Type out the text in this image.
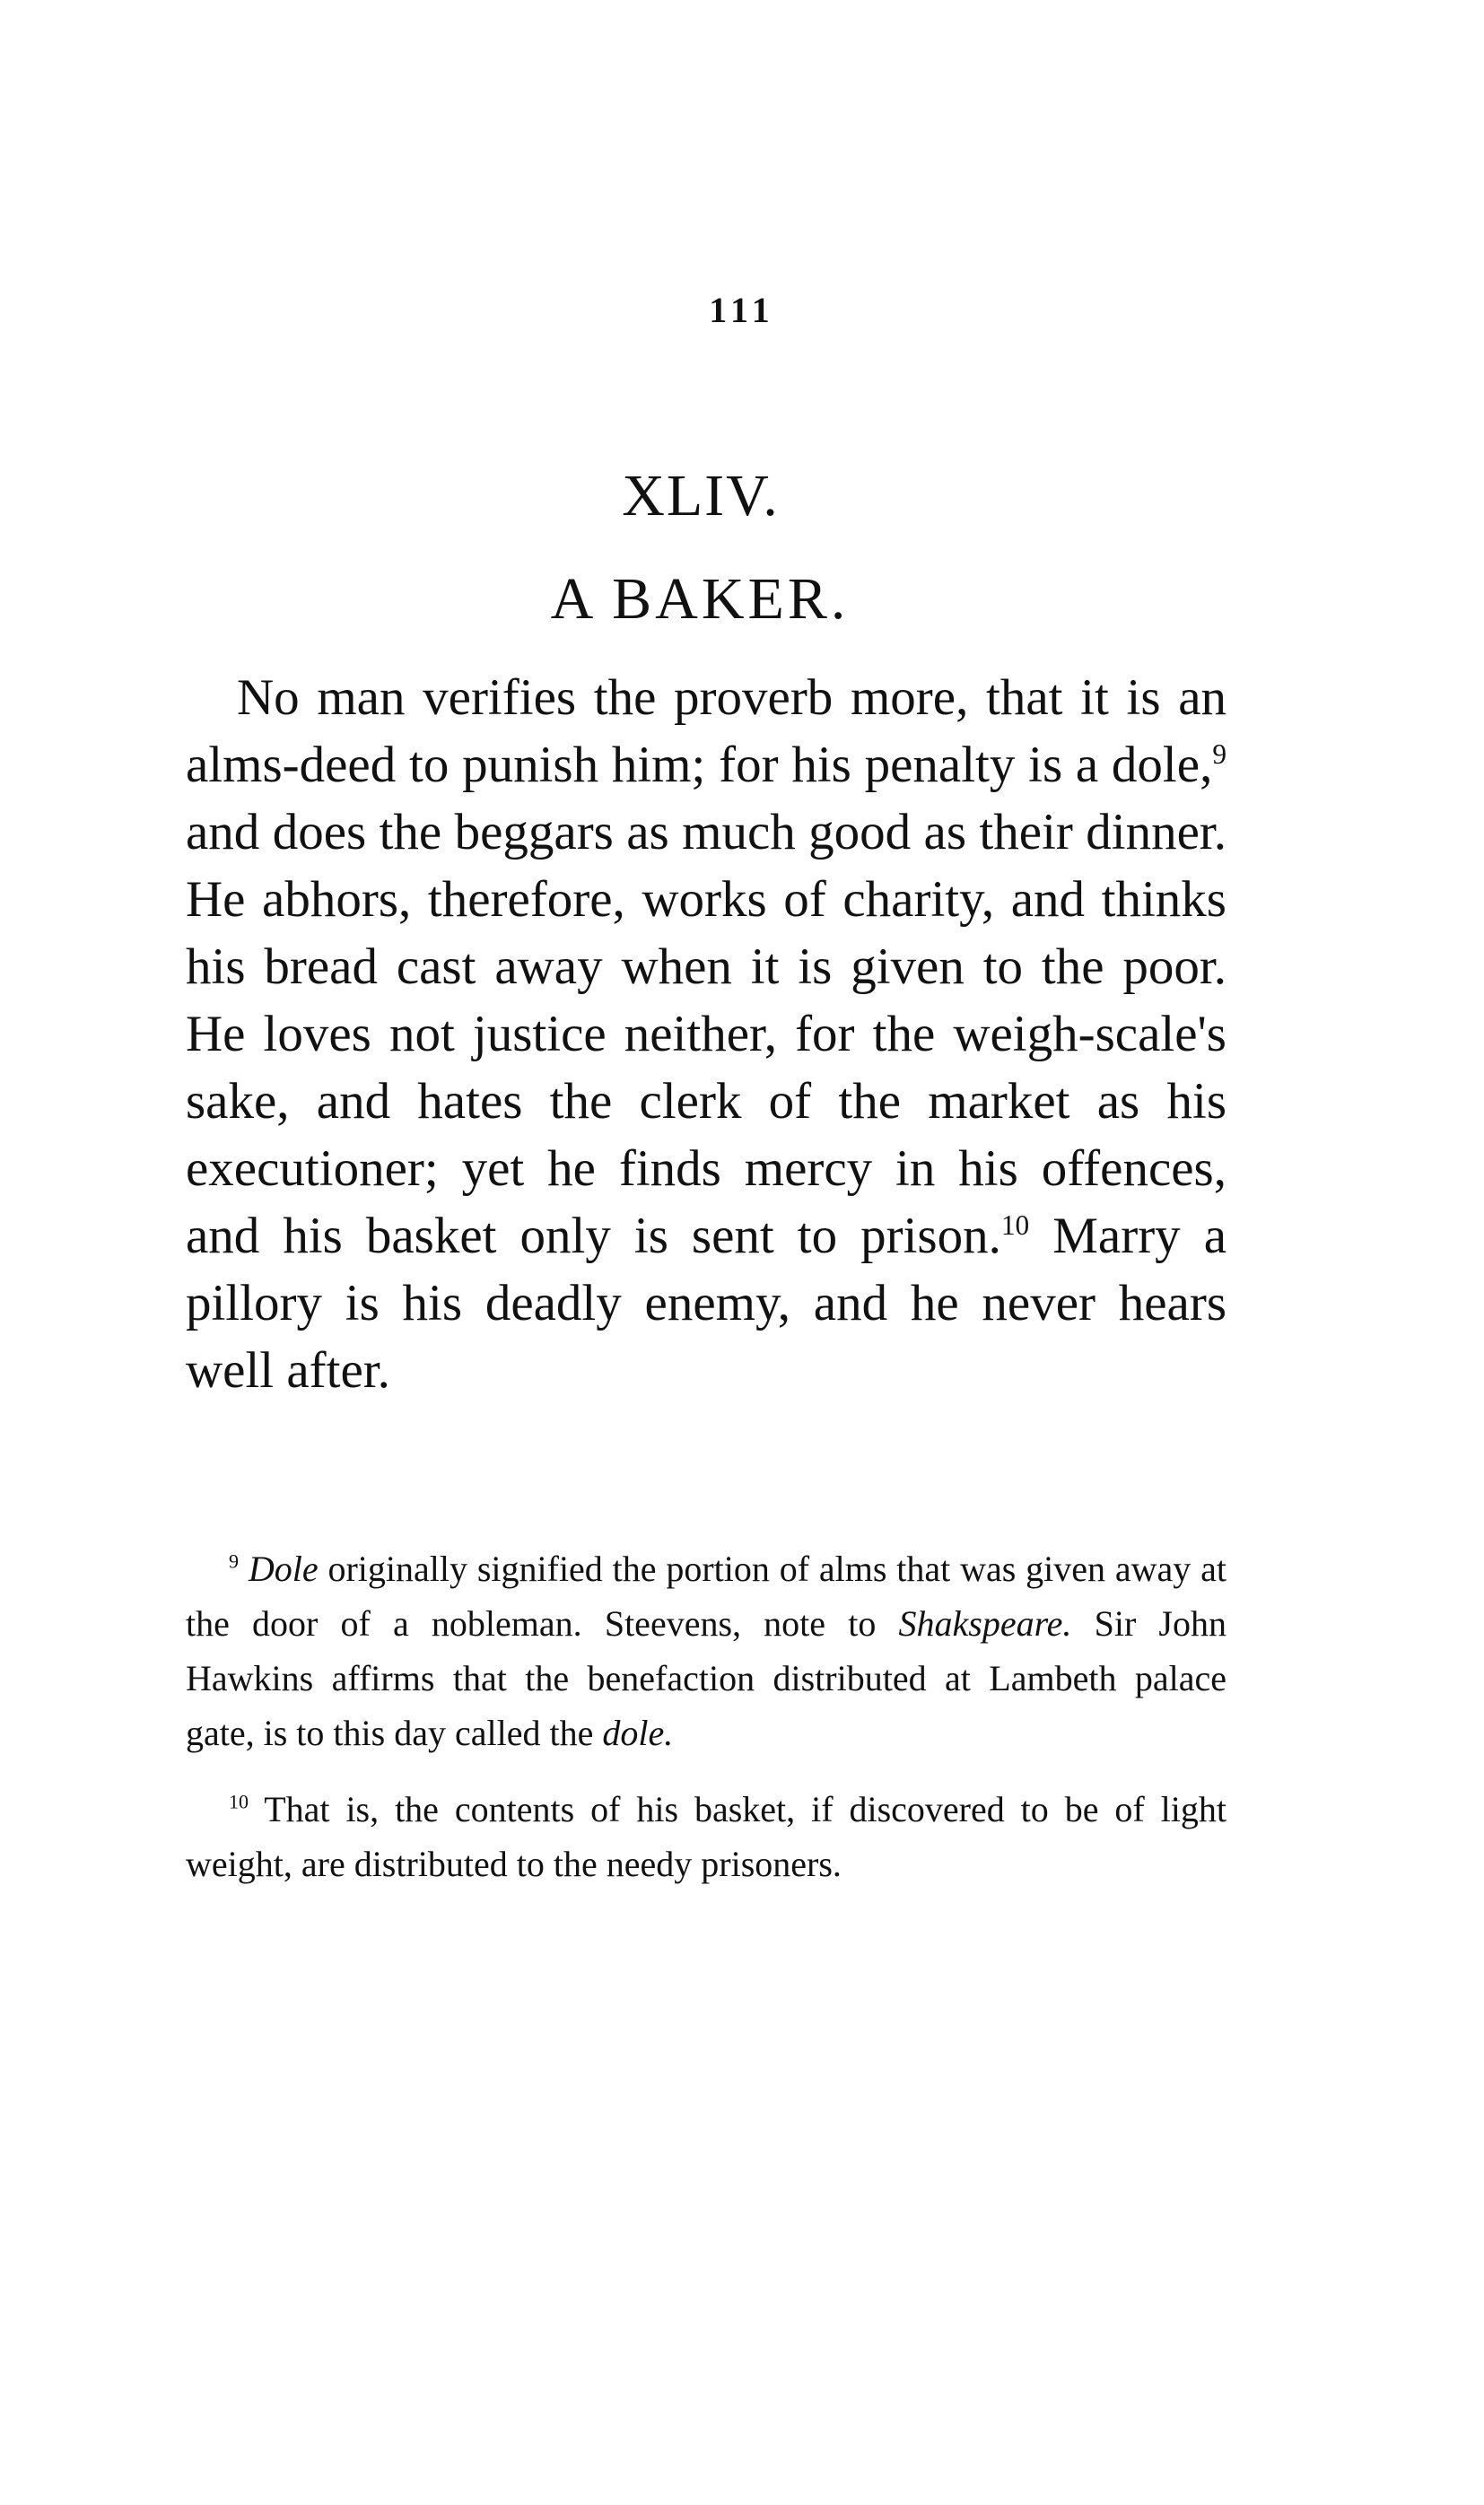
111
XLIV.
A BAKER.

No man verifies the proverb more, that it is an alms-deed to punish him; for his penalty is a dole,$^9$ and does the beggars as much good as their dinner. He abhors, therefore, works of charity, and thinks his bread cast away when it is given to the poor. He loves not justice neither, for the weigh-scale's sake, and hates the clerk of the market as his executioner; yet he finds mercy in his offences, and his basket only is sent to prison.$^{10}$ Marry a pillory is his deadly enemy, and he never hears well after.

$^9$ Dole originally signified the portion of alms that was given away at the door of a nobleman. Steevens, note to Shakspeare. Sir John Hawkins affirms that the benefaction distributed at Lambeth palace gate, is to this day called the dole.

$^{10}$ That is, the contents of his basket, if discovered to be of light weight, are distributed to the needy prisoners.
